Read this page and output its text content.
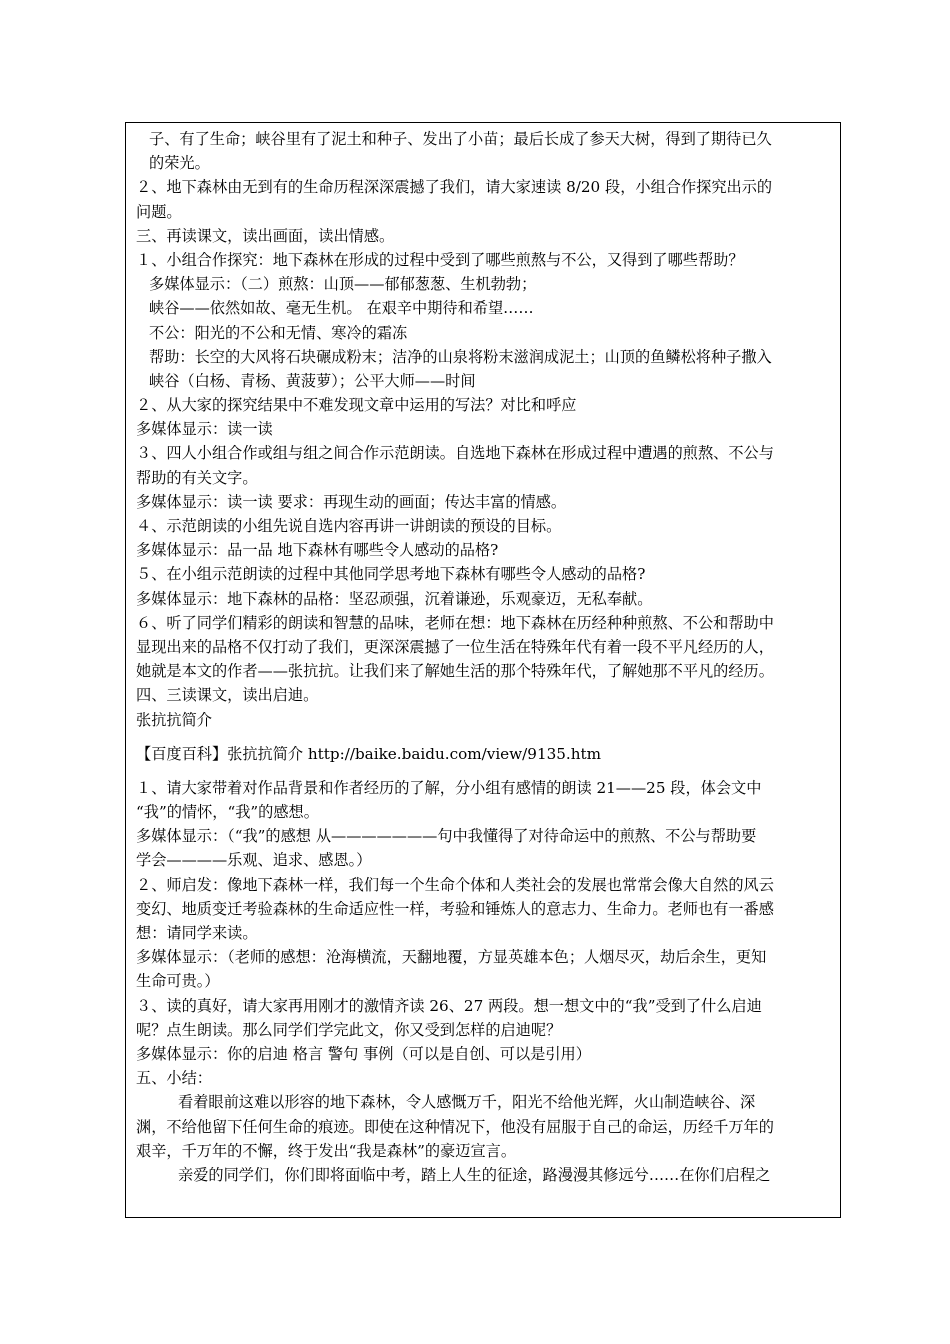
子、有了生命；峡谷里有了泥土和种子、发出了小苗；最后长成了参天大树，得到了期待已久
的荣光。
２、地下森林由无到有的生命历程深深震撼了我们，请大家速读 8/20 段，小组合作探究出示的
问题。
三、再读课文，读出画面，读出情感。
１、小组合作探究：地下森林在形成的过程中受到了哪些煎熬与不公，又得到了哪些帮助？
多媒体显示：（二）煎熬：山顶——郁郁葱葱、生机勃勃；
峡谷——依然如故、毫无生机。 在艰辛中期待和希望……
不公：阳光的不公和无情、寒冷的霜冻
帮助：长空的大风将石块碾成粉末；洁净的山泉将粉末滋润成泥土；山顶的鱼鳞松将种子撒入
峡谷（白杨、青杨、黄菠萝）；公平大师——时间
２、从大家的探究结果中不难发现文章中运用的写法？对比和呼应
多媒体显示：读一读
３、四人小组合作或组与组之间合作示范朗读。自选地下森林在形成过程中遭遇的煎熬、不公与
帮助的有关文字。
多媒体显示：读一读 要求：再现生动的画面；传达丰富的情感。
４、示范朗读的小组先说自选内容再讲一讲朗读的预设的目标。
多媒体显示：品一品 地下森林有哪些令人感动的品格?
５、在小组示范朗读的过程中其他同学思考地下森林有哪些令人感动的品格?
多媒体显示：地下森林的品格：坚忍顽强，沉着谦逊，乐观豪迈，无私奉献。
６、听了同学们精彩的朗读和智慧的品味，老师在想：地下森林在历经种种煎熬、不公和帮助中
显现出来的品格不仅打动了我们，更深深震撼了一位生活在特殊年代有着一段不平凡经历的人，
她就是本文的作者——张抗抗。让我们来了解她生活的那个特殊年代，了解她那不平凡的经历。
四、三读课文，读出启迪。
张抗抗简介
【百度百科】张抗抗简介 http://baike.baidu.com/view/9135.htm
１、请大家带着对作品背景和作者经历的了解，分小组有感情的朗读 21——25 段，体会文中
“我”的情怀，“我”的感想。
多媒体显示：（“我”的感想 从———————句中我懂得了对待命运中的煎熬、不公与帮助要
学会————乐观、追求、感恩。）
２、师启发：像地下森林一样，我们每一个生命个体和人类社会的发展也常常会像大自然的风云
变幻、地质变迁考验森林的生命适应性一样，考验和锤炼人的意志力、生命力。老师也有一番感
想：请同学来读。
多媒体显示：（老师的感想：沧海横流，天翻地覆，方显英雄本色；人烟尽灭，劫后余生，更知
生命可贵。）
３、读的真好，请大家再用刚才的激情齐读 26、27 两段。想一想文中的“我”受到了什么启迪
呢？点生朗读。那么同学们学完此文，你又受到怎样的启迪呢？
多媒体显示：你的启迪 格言 警句 事例（可以是自创、可以是引用）
五、小结：
看着眼前这难以形容的地下森林，令人感慨万千，阳光不给他光辉，火山制造峡谷、深
渊，不给他留下任何生命的痕迹。即使在这种情况下，他没有屈服于自己的命运，历经千万年的
艰辛，千万年的不懈，终于发出“我是森林”的豪迈宣言。
亲爱的同学们，你们即将面临中考，踏上人生的征途，路漫漫其修远兮……在你们启程之
